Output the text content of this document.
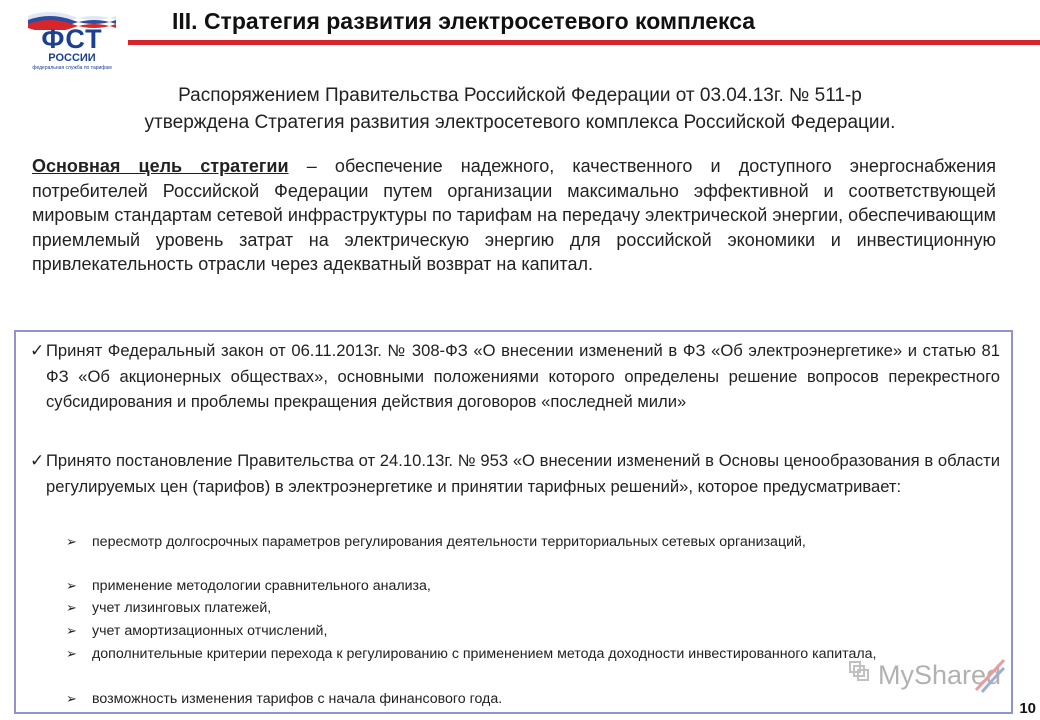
ФСТ
РОССИИ
федеральная служба по тарифам
III. Стратегия развития электросетевого комплекса
Распоряжением Правительства Российской Федерации от 03.04.13г. № 511-р
утверждена Стратегия развития электросетевого комплекса Российской Федерации.
Основная цель стратегии – обеспечение надежного, качественного и доступного энергоснабжения потребителей Российской Федерации путем организации максимально эффективной и соответствующей мировым стандартам сетевой инфраструктуры по тарифам на передачу электрической энергии, обеспечивающим приемлемый уровень затрат на электрическую энергию для российской экономики и инвестиционную привлекательность отрасли через адекватный возврат на капитал.
✓ Принят Федеральный закон от 06.11.2013г. № 308-ФЗ «О внесении изменений в ФЗ «Об электроэнергетике» и статью 81 ФЗ «Об акционерных обществах», основными положениями которого определены решение вопросов перекрестного субсидирования и проблемы прекращения действия договоров «последней мили»
✓ Принято постановление Правительства от 24.10.13г. № 953 «О внесении изменений в Основы ценообразования в области регулируемых цен (тарифов) в электроэнергетике и принятии тарифных решений», которое предусматривает:
➢ пересмотр долгосрочных параметров регулирования деятельности территориальных сетевых организаций,
➢ применение методологии сравнительного анализа,
➢ учет лизинговых платежей,
➢ учет амортизационных отчислений,
➢ дополнительные критерии перехода к регулированию с применением метода доходности инвестированного капитала,
➢ возможность изменения тарифов с начала финансового года.
MyShared
10
